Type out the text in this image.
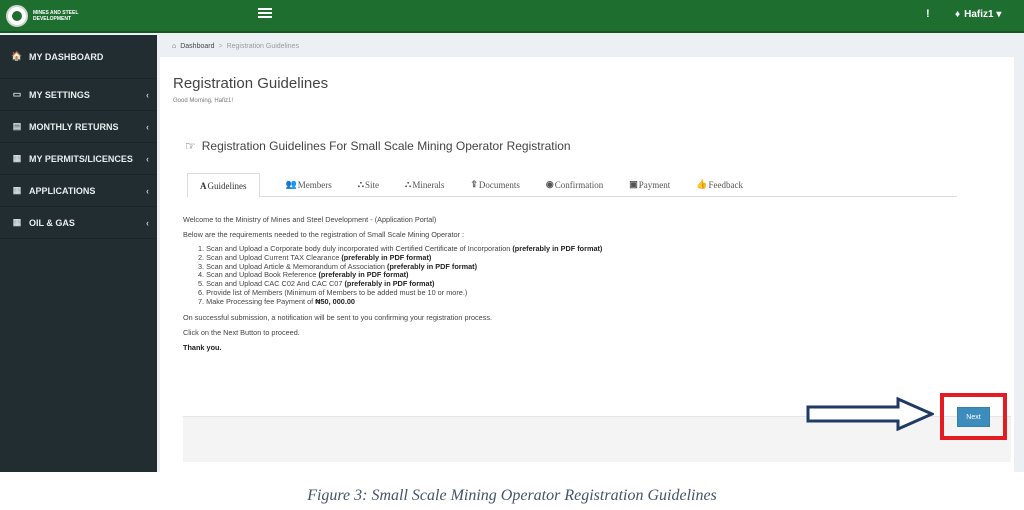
MINES AND STEEL
DEVELOPMENT	!	♦ Hafiz1 ▾
🏠 MY DASHBOARD
▭ MY SETTINGS	‹
▤ MONTHLY RETURNS	‹
▦ MY PERMITS/LICENCES ‹
▦ APPLICATIONS	‹
▦ OIL & GAS	‹
⌂ Dashboard > Registration Guidelines
Registration Guidelines
Good Morning, Hafiz1!
☞ Registration Guidelines For Small Scale Mining Operator Registration
A Guidelines	👥 Members	⛬ Site	⛬ Minerals	⇪ Documents	◉ Confirmation	▣ Payment	👍 Feedback

Welcome to the Ministry of Mines and Steel Development - (Application Portal)

Below are the requirements needed to the registration of Small Scale Mining Operator :

1. Scan and Upload a Corporate body duly incorporated with Certified Certificate of Incorporation (preferably in PDF format)
2. Scan and Upload Current TAX Clearance (preferably in PDF format)
3. Scan and Upload Article & Memorandum of Association (preferably in PDF format)
4. Scan and Upload Book Reference (preferably in PDF format)
5. Scan and Upload CAC C02 And CAC C07 (preferably in PDF format)
6. Provide list of Members (Minimum of Members to be added must be 10 or more.)
7. Make Processing fee Payment of ₦50, 000.00

On successful submission, a notification will be sent to you confirming your registration process.

Click on the Next Button to proceed.

Thank you.

Next
Figure 3: Small Scale Mining Operator Registration Guidelines
